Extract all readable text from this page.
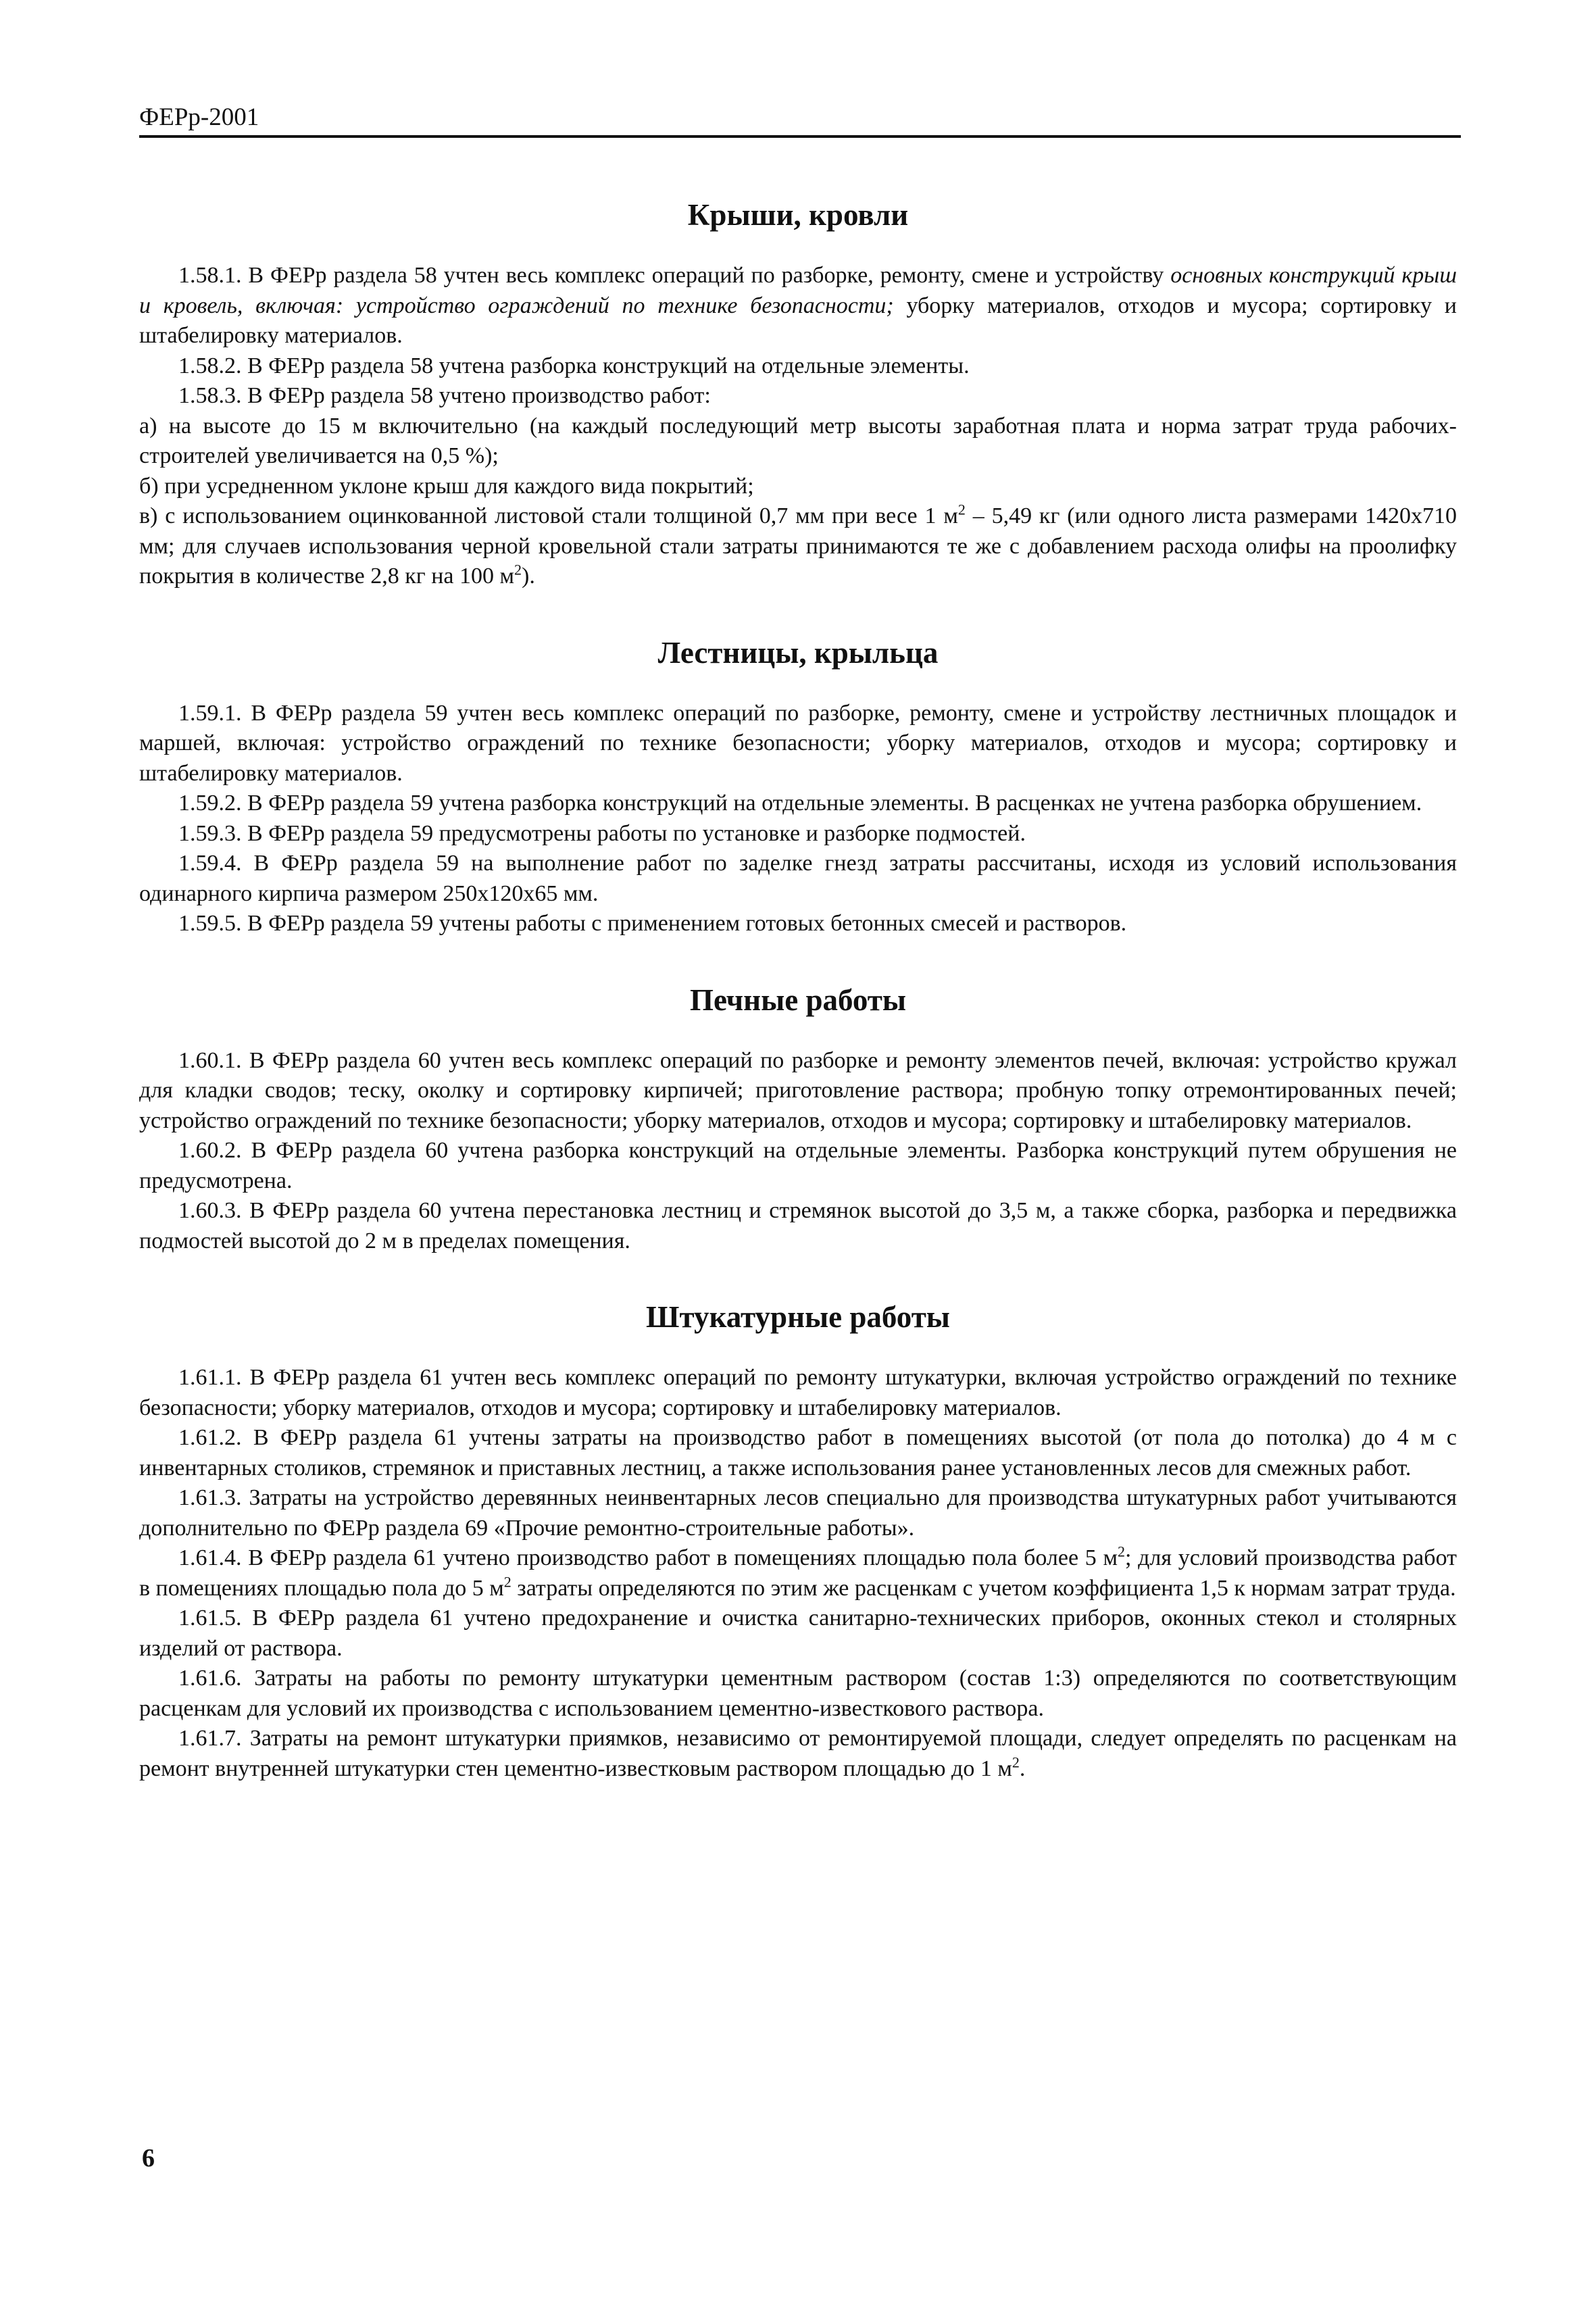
ФЕРр-2001
Крыши, кровли

1.58.1. В ФЕРр раздела 58 учтен весь комплекс операций по разборке, ремонту, смене и устройству основных конструкций крыш и кровель, включая: устройство ограждений по технике безопасности; уборку материалов, отходов и мусора; сортировку и штабелировку материалов.

1.58.2. В ФЕРр раздела 58 учтена разборка конструкций на отдельные элементы.

1.58.3. В ФЕРр раздела 58 учтено производство работ:

а) на высоте до 15 м включительно (на каждый последующий метр высоты заработная плата и норма затрат труда рабочих-строителей увеличивается на 0,5 %);

б) при усредненном уклоне крыш для каждого вида покрытий;

в) с использованием оцинкованной листовой стали толщиной 0,7 мм при весе 1 $м^2 - 5,49$ кг (или одного листа размерами 1420x710 мм; для случаев использования черной кровельной стали затраты принимаются те же с добавлением расхода олифы на проолифку покрытия в количестве 2,8 кг на 100 $м^2$).

Лестницы, крыльца

1.59.1. В ФЕРр раздела 59 учтен весь комплекс операций по разборке, ремонту, смене и устройству лестничных площадок и маршей, включая: устройство ограждений по технике безопасности; уборку материалов, отходов и мусора; сортировку и штабелировку материалов.

1.59.2. В ФЕРр раздела 59 учтена разборка конструкций на отдельные элементы. В расценках не учтена разборка обрушением.

1.59.3. В ФЕРр раздела 59 предусмотрены работы по установке и разборке подмостей.

1.59.4. В ФЕРр раздела 59 на выполнение работ по заделке гнезд затраты рассчитаны, исходя из условий использования одинарного кирпича размером 250x120x65 мм.

1.59.5. В ФЕРр раздела 59 учтены работы с применением готовых бетонных смесей и растворов.

Печные работы

1.60.1. В ФЕРр раздела 60 учтен весь комплекс операций по разборке и ремонту элементов печей, включая: устройство кружал для кладки сводов; теску, околку и сортировку кирпичей; приготовление раствора; пробную топку отремонтированных печей; устройство ограждений по технике безопасности; уборку материалов, отходов и мусора; сортировку и штабелировку материалов.

1.60.2. В ФЕРр раздела 60 учтена разборка конструкций на отдельные элементы. Разборка конструкций путем обрушения не предусмотрена.

1.60.3. В ФЕРр раздела 60 учтена перестановка лестниц и стремянок высотой до 3,5 м, а также сборка, разборка и передвижка подмостей высотой до 2 м в пределах помещения.

Штукатурные работы

1.61.1. В ФЕРр раздела 61 учтен весь комплекс операций по ремонту штукатурки, включая устройство ограждений по технике безопасности; уборку материалов, отходов и мусора; сортировку и штабелировку материалов.

1.61.2. В ФЕРр раздела 61 учтены затраты на производство работ в помещениях высотой (от пола до потолка) до 4 м с инвентарных столиков, стремянок и приставных лестниц, а также использования ранее установленных лесов для смежных работ.

1.61.3. Затраты на устройство деревянных неинвентарных лесов специально для производства штукатурных работ учитываются дополнительно по ФЕРр раздела 69 «Прочие ремонтно-строительные работы».

1.61.4. В ФЕРр раздела 61 учтено производство работ в помещениях площадью пола более 5 $м^2$; для условий производства работ в помещениях площадью пола до 5 $м^2$ затраты определяются по этим же расценкам с учетом коэффициента 1,5 к нормам затрат труда.

1.61.5. В ФЕРр раздела 61 учтено предохранение и очистка санитарно-технических приборов, оконных стекол и столярных изделий от раствора.

1.61.6. Затраты на работы по ремонту штукатурки цементным раствором (состав 1:3) определяются по соответствующим расценкам для условий их производства с использованием цементно-известкового раствора.

1.61.7. Затраты на ремонт штукатурки приямков, независимо от ремонтируемой площади, следует определять по расценкам на ремонт внутренней штукатурки стен цементно-известковым раствором площадью до 1 $м^2$.

6
